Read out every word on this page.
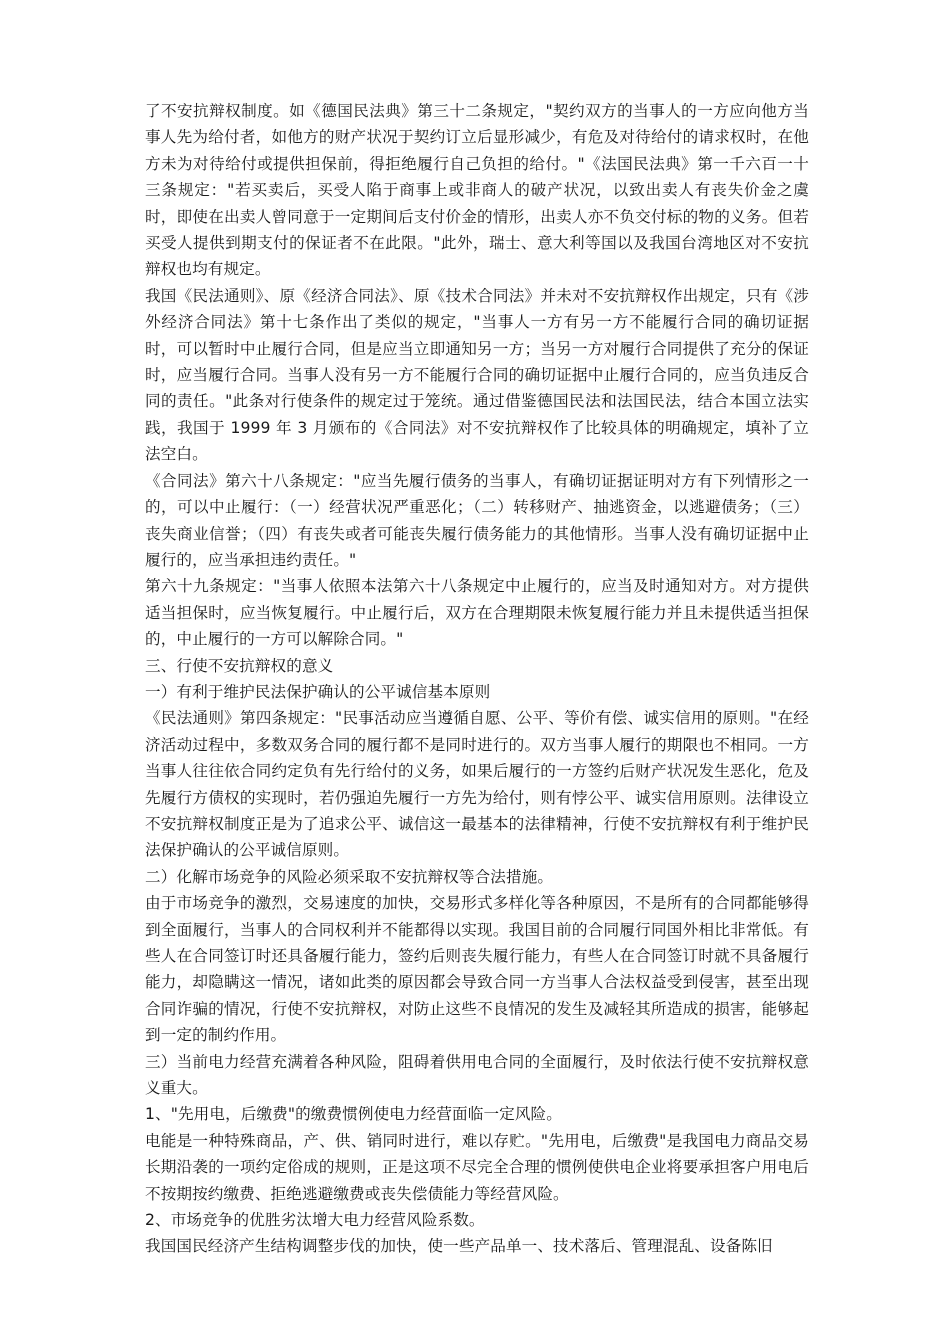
了不安抗辩权制度。如《德国民法典》第三十二条规定，"契约双方的当事人的一方应向他方当事人先为给付者，如他方的财产状况于契约订立后显形减少，有危及对待给付的请求权时，在他方未为对待给付或提供担保前，得拒绝履行自己负担的给付。"《法国民法典》第一千六百一十三条规定："若买卖后，买受人陷于商事上或非商人的破产状况，以致出卖人有丧失价金之虞时，即使在出卖人曾同意于一定期间后支付价金的情形，出卖人亦不负交付标的物的义务。但若买受人提供到期支付的保证者不在此限。"此外，瑞士、意大利等国以及我国台湾地区对不安抗辩权也均有规定。

我国《民法通则》、原《经济合同法》、原《技术合同法》并未对不安抗辩权作出规定，只有《涉外经济合同法》第十七条作出了类似的规定，"当事人一方有另一方不能履行合同的确切证据时，可以暂时中止履行合同，但是应当立即通知另一方；当另一方对履行合同提供了充分的保证时，应当履行合同。当事人没有另一方不能履行合同的确切证据中止履行合同的，应当负违反合同的责任。"此条对行使条件的规定过于笼统。通过借鉴德国民法和法国民法，结合本国立法实践，我国于 1999 年 3 月颁布的《合同法》对不安抗辩权作了比较具体的明确规定，填补了立法空白。

《合同法》第六十八条规定："应当先履行债务的当事人，有确切证据证明对方有下列情形之一的，可以中止履行：（一）经营状况严重恶化；（二）转移财产、抽逃资金，以逃避债务；（三）丧失商业信誉；（四）有丧失或者可能丧失履行债务能力的其他情形。当事人没有确切证据中止履行的，应当承担违约责任。"

第六十九条规定："当事人依照本法第六十八条规定中止履行的，应当及时通知对方。对方提供适当担保时，应当恢复履行。中止履行后，双方在合理期限未恢复履行能力并且未提供适当担保的，中止履行的一方可以解除合同。"

三、行使不安抗辩权的意义

一）有利于维护民法保护确认的公平诚信基本原则

《民法通则》第四条规定："民事活动应当遵循自愿、公平、等价有偿、诚实信用的原则。"在经济活动过程中，多数双务合同的履行都不是同时进行的。双方当事人履行的期限也不相同。一方当事人往往依合同约定负有先行给付的义务，如果后履行的一方签约后财产状况发生恶化，危及先履行方债权的实现时，若仍强迫先履行一方先为给付，则有悖公平、诚实信用原则。法律设立不安抗辩权制度正是为了追求公平、诚信这一最基本的法律精神，行使不安抗辩权有利于维护民法保护确认的公平诚信原则。

二）化解市场竞争的风险必须采取不安抗辩权等合法措施。

由于市场竞争的激烈，交易速度的加快，交易形式多样化等各种原因，不是所有的合同都能够得到全面履行，当事人的合同权利并不能都得以实现。我国目前的合同履行同国外相比非常低。有些人在合同签订时还具备履行能力，签约后则丧失履行能力，有些人在合同签订时就不具备履行能力，却隐瞒这一情况，诸如此类的原因都会导致合同一方当事人合法权益受到侵害，甚至出现合同诈骗的情况，行使不安抗辩权，对防止这些不良情况的发生及减轻其所造成的损害，能够起到一定的制约作用。

三）当前电力经营充满着各种风险，阻碍着供用电合同的全面履行，及时依法行使不安抗辩权意义重大。

1、"先用电，后缴费"的缴费惯例使电力经营面临一定风险。

电能是一种特殊商品，产、供、销同时进行，难以存贮。"先用电，后缴费"是我国电力商品交易长期沿袭的一项约定俗成的规则，正是这项不尽完全合理的惯例使供电企业将要承担客户用电后不按期按约缴费、拒绝逃避缴费或丧失偿债能力等经营风险。

2、市场竞争的优胜劣汰增大电力经营风险系数。

我国国民经济产生结构调整步伐的加快，使一些产品单一、技术落后、管理混乱、设备陈旧
